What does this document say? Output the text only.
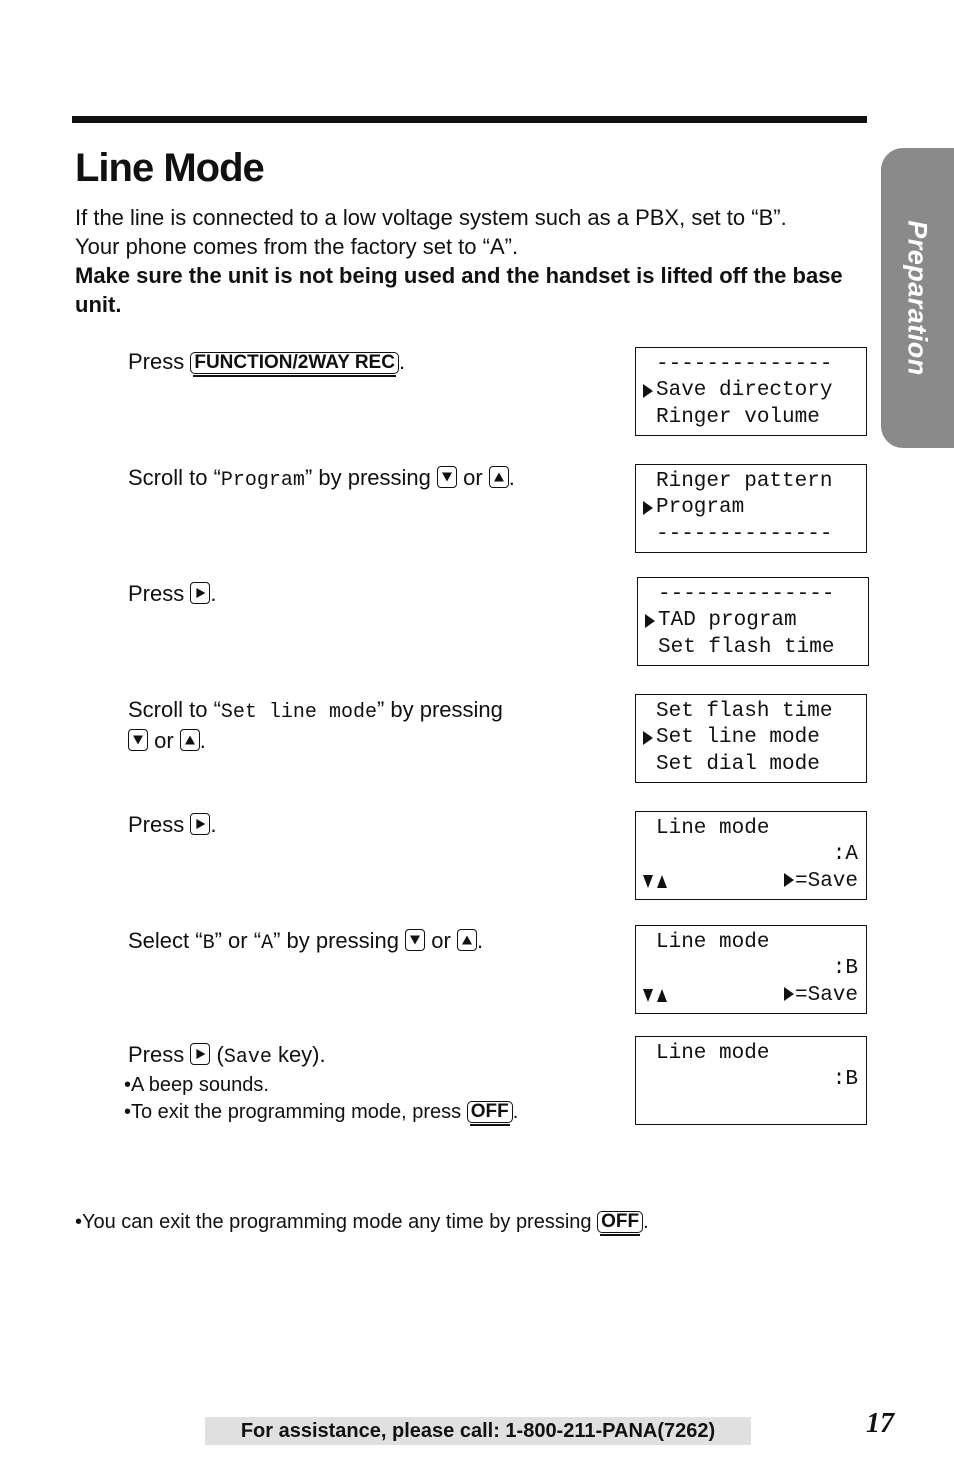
Line Mode
If the line is connected to a low voltage system such as a PBX, set to “B”.
Your phone comes from the factory set to “A”.
Make sure the unit is not being used and the handset is lifted off the base unit.	Preparation
Press FUNCTION/2WAY REC .	--------------
Save directory
Ringer volume
Scroll to “Program” by pressing
or
.	Ringer pattern
Program
--------------
Press
.	--------------
TAD program
Set flash time
Scroll to “Set line mode” by pressing

or
.
Set flash time
Set line mode
Set dial mode
Press
.	Line mode
:A
=Save
Select “B” or “A” by pressing
or
.	Line mode
:B
=Save
Press
(Save key).
•A beep sounds.
•To exit the programming mode, press OFF .
Line mode
:B
•You can exit the programming mode any time by pressing OFF .
For assistance, please call: 1-800-211-PANA(7262)	17
